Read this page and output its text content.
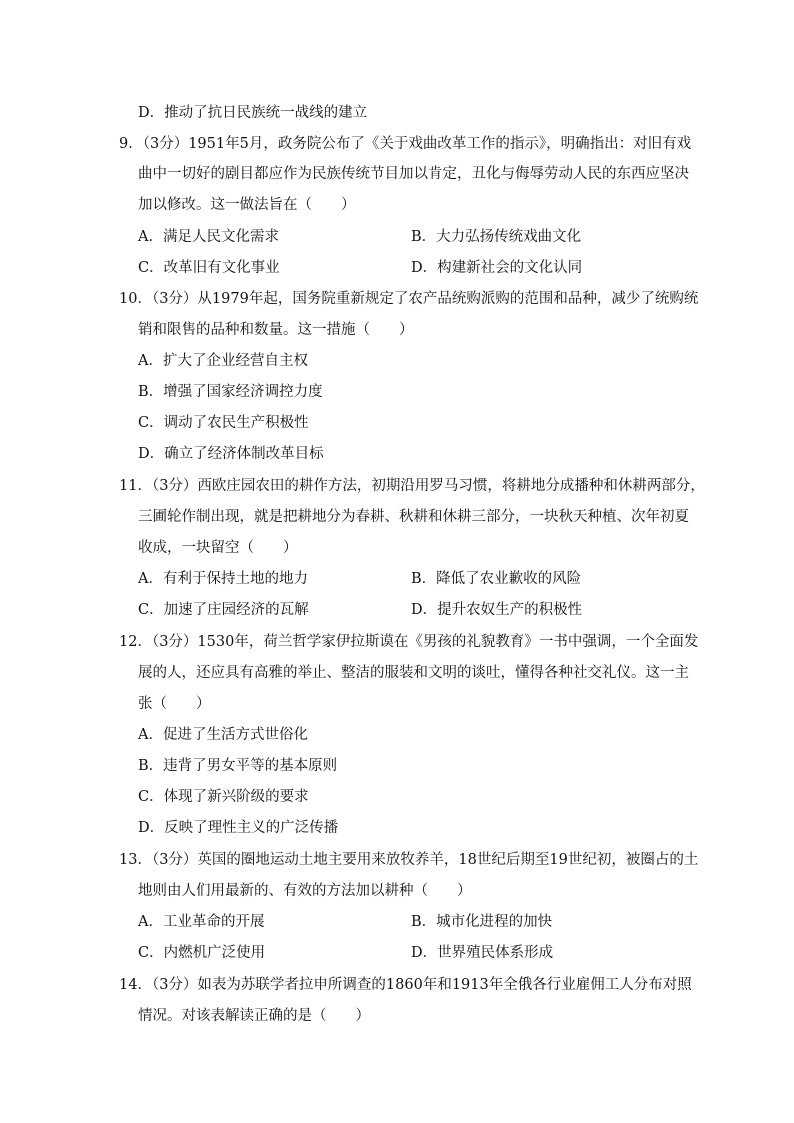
D．推动了抗日民族统一战线的建立
9．（3分）1951年5月，政务院公布了《关于戏曲改革工作的指示》，明确指出：对旧有戏
曲中一切好的剧目都应作为民族传统节目加以肯定，丑化与侮辱劳动人民的东西应坚决
加以修改。这一做法旨在（　　）
A．满足人民文化需求	B．大力弘扬传统戏曲文化
C．改革旧有文化事业	D．构建新社会的文化认同
10．（3分）从1979年起，国务院重新规定了农产品统购派购的范围和品种，减少了统购统
销和限售的品种和数量。这一措施（　　）
A．扩大了企业经营自主权
B．增强了国家经济调控力度
C．调动了农民生产积极性
D．确立了经济体制改革目标
11．（3分）西欧庄园农田的耕作方法，初期沿用罗马习惯，将耕地分成播种和休耕两部分，
三圃轮作制出现，就是把耕地分为春耕、秋耕和休耕三部分，一块秋天种植、次年初夏
收成，一块留空（　　）
A．有利于保持土地的地力	B．降低了农业歉收的风险
C．加速了庄园经济的瓦解	D．提升农奴生产的积极性
12．（3分）1530年，荷兰哲学家伊拉斯谟在《男孩的礼貌教育》一书中强调，一个全面发
展的人，还应具有高雅的举止、整洁的服装和文明的谈吐，懂得各种社交礼仪。这一主
张（　　）
A．促进了生活方式世俗化
B．违背了男女平等的基本原则
C．体现了新兴阶级的要求
D．反映了理性主义的广泛传播
13．（3分）英国的圈地运动土地主要用来放牧养羊，18世纪后期至19世纪初，被圈占的土
地则由人们用最新的、有效的方法加以耕种（　　）
A．工业革命的开展	B．城市化进程的加快
C．内燃机广泛使用	D．世界殖民体系形成
14．（3分）如表为苏联学者拉申所调查的1860年和1913年全俄各行业雇佣工人分布对照
情况。对该表解读正确的是（　　）
